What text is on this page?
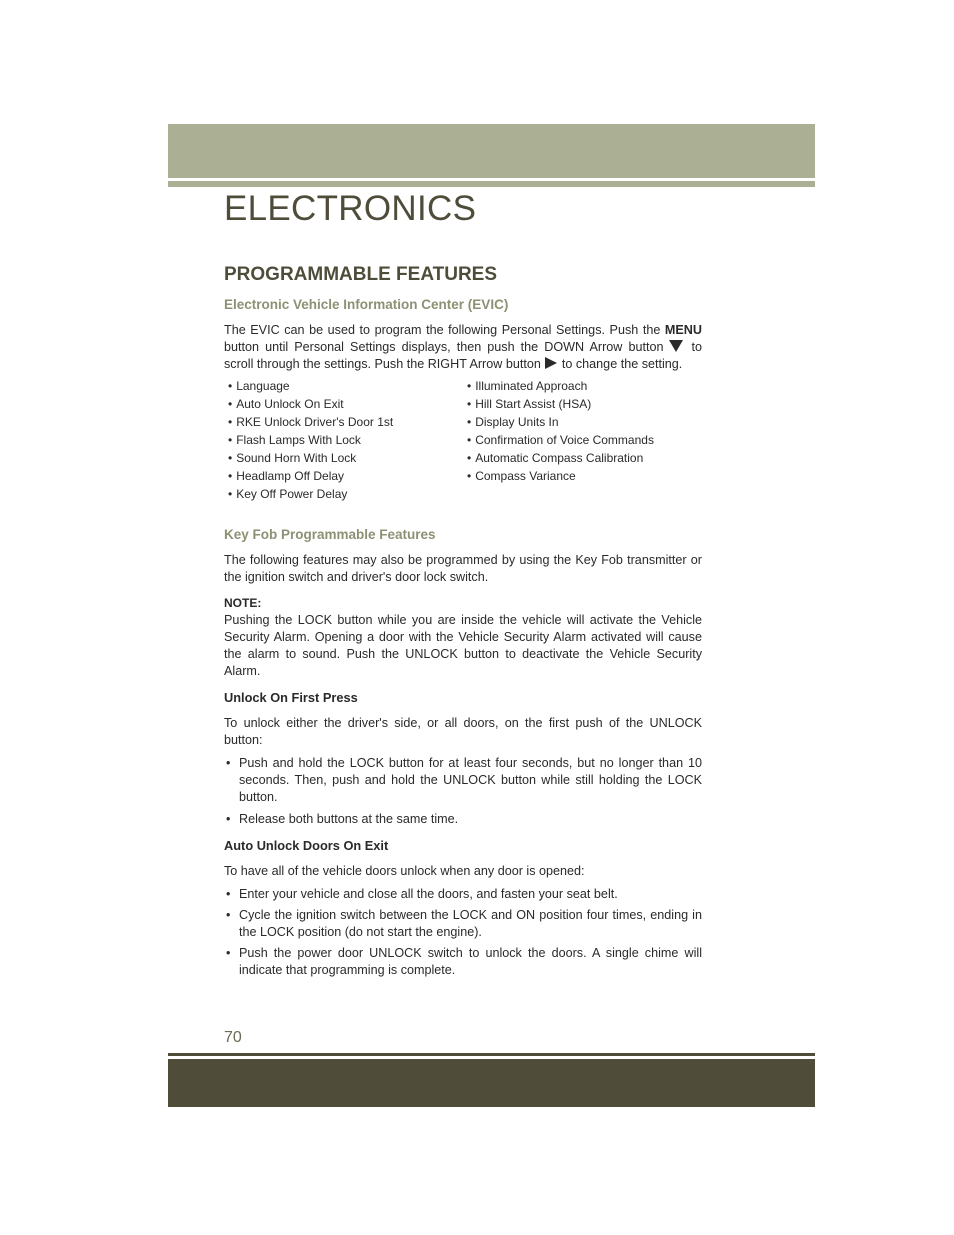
ELECTRONICS
PROGRAMMABLE FEATURES
Electronic Vehicle Information Center (EVIC)

The EVIC can be used to program the following Personal Settings. Push the MENU button until Personal Settings displays, then push the DOWN Arrow button to scroll through the settings. Push the RIGHT Arrow button to change the setting.

• Language
• Auto Unlock On Exit
• RKE Unlock Driver's Door 1st
• Flash Lamps With Lock
• Sound Horn With Lock
• Headlamp Off Delay
• Key Off Power Delay
• Illuminated Approach
• Hill Start Assist (HSA)
• Display Units In
• Confirmation of Voice Commands
• Automatic Compass Calibration
• Compass Variance
Key Fob Programmable Features

The following features may also be programmed by using the Key Fob transmitter or the ignition switch and driver's door lock switch.

NOTE:

Pushing the LOCK button while you are inside the vehicle will activate the Vehicle Security Alarm. Opening a door with the Vehicle Security Alarm activated will cause the alarm to sound. Push the UNLOCK button to deactivate the Vehicle Security Alarm.

Unlock On First Press

To unlock either the driver's side, or all doors, on the first push of the UNLOCK button:

• Push and hold the LOCK button for at least four seconds, but no longer than 10 seconds. Then, push and hold the UNLOCK button while still holding the LOCK button.
• Release both buttons at the same time.
Auto Unlock Doors On Exit

To have all of the vehicle doors unlock when any door is opened:

• Enter your vehicle and close all the doors, and fasten your seat belt.
• Cycle the ignition switch between the LOCK and ON position four times, ending in the LOCK position (do not start the engine).
• Push the power door UNLOCK switch to unlock the doors. A single chime will indicate that programming is complete.
70
